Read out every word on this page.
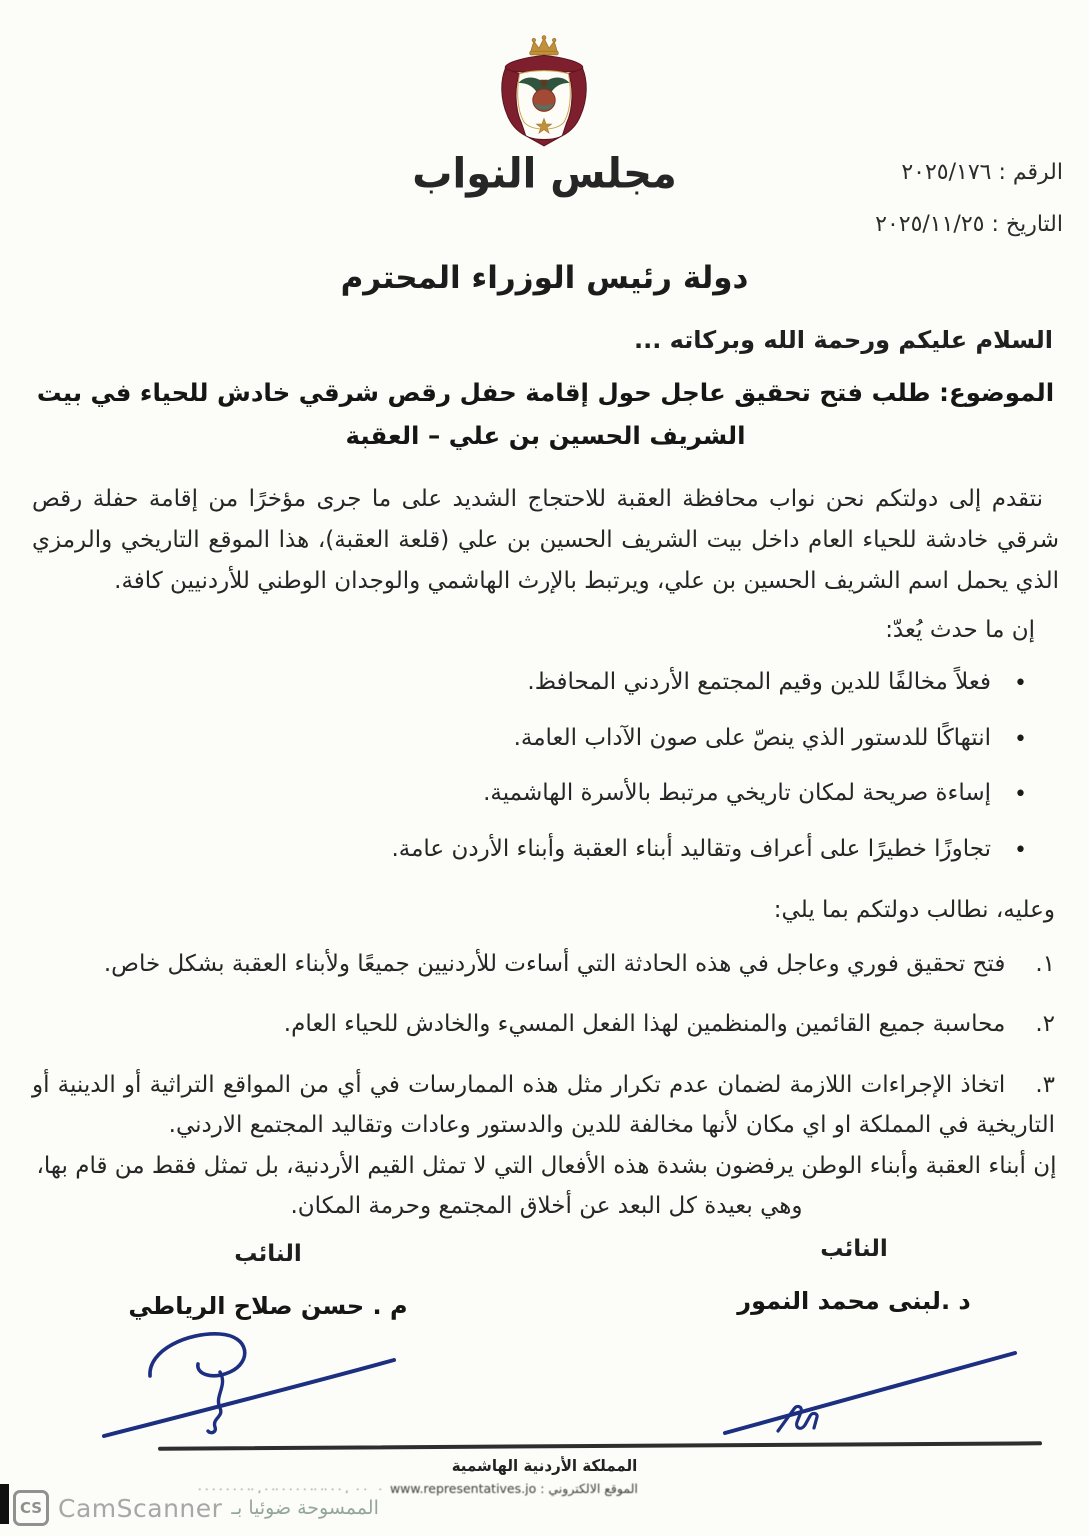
مجلس النواب	الرقم : ٢٠٢٥/١٧٦
التاريخ : ٢٠٢٥/١١/٢٥
دولة رئيس الوزراء المحترم
السلام عليكم ورحمة الله وبركاته ...
الموضوع: طلب فتح تحقيق عاجل حول إقامة حفل رقص شرقي خادش للحياء في بيت الشريف الحسين بن علي – العقبة

نتقدم إلى دولتكم نحن نواب محافظة العقبة للاحتجاج الشديد على ما جرى مؤخرًا من إقامة حفلة رقص شرقي خادشة للحياء العام داخل بيت الشريف الحسين بن علي (قلعة العقبة)، هذا الموقع التاريخي والرمزي الذي يحمل اسم الشريف الحسين بن علي، ويرتبط بالإرث الهاشمي والوجدان الوطني للأردنيين كافة.

إن ما حدث يُعدّ:
•
فعلاً مخالفًا للدين وقيم المجتمع الأردني المحافظ.
•
انتهاكًا للدستور الذي ينصّ على صون الآداب العامة.
•
إساءة صريحة لمكان تاريخي مرتبط بالأسرة الهاشمية.
•
تجاوزًا خطيرًا على أعراف وتقاليد أبناء العقبة وأبناء الأردن عامة.
وعليه، نطالب دولتكم بما يلي:
١.فتح تحقيق فوري وعاجل في هذه الحادثة التي أساءت للأردنيين جميعًا ولأبناء العقبة بشكل خاص.
٢.محاسبة جميع القائمين والمنظمين لهذا الفعل المسيء والخادش للحياء العام.
٣.اتخاذ الإجراءات اللازمة لضمان عدم تكرار مثل هذه الممارسات في أي من المواقع التراثية أو الدينية أو التاريخية في المملكة او اي مكان لأنها مخالفة للدين والدستور وعادات وتقاليد المجتمع الاردني.

إن أبناء العقبة وأبناء الوطن يرفضون بشدة هذه الأفعال التي لا تمثل القيم الأردنية، بل تمثل فقط من قام بها، وهي بعيدة كل البعد عن أخلاق المجتمع وحرمة المكان.

النائب
د .لبنى محمد النمور
النائب
م . حسن صلاح الرياطي
المملكة الأردنية الهاشمية
الموقع الالكتروني : www.representatives.jo · ·· ، · · ·· ·· · · · · ·· · ، ·· · · · · · · ·
CS CamScanner الممسوحة ضوئيا بـ
